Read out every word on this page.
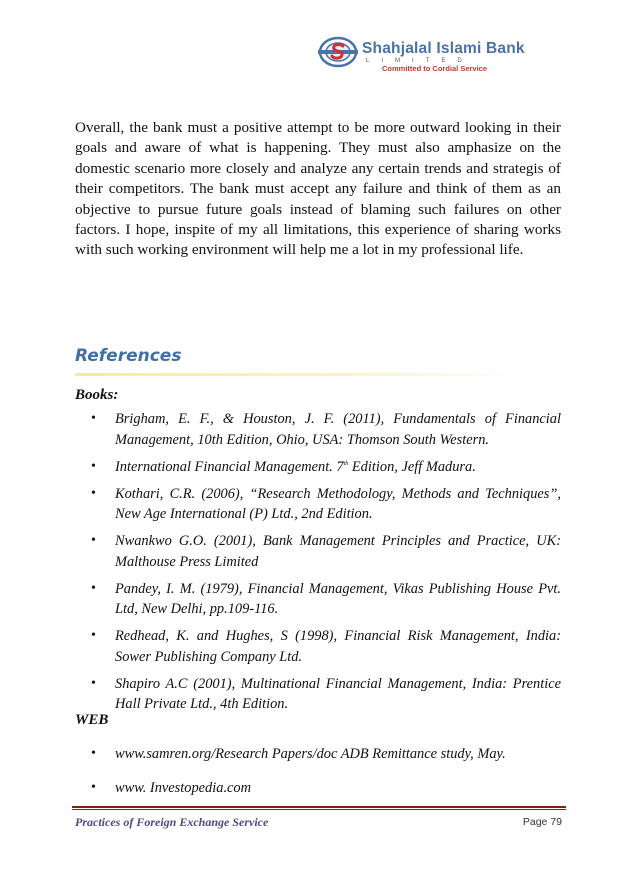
Shahjalal Islami Bank
LIMITED
Committed to Cordial Service

Overall, the bank must a positive attempt to be more outward looking in their goals and aware of what is happening. They must also amphasize on the domestic scenario more closely and analyze any certain trends and strategis of their competitors. The bank must accept any failure and think of them as an objective to pursue future goals instead of blaming such failures on other factors. I hope, inspite of my all limitations, this experience of sharing works with such working environment will help me a lot in my professional life.

References

Books:

• Brigham, E. F., & Houston, J. F. (2011), Fundamentals of Financial Management, 10th Edition, Ohio, USA: Thomson South Western.
• International Financial Management. 7th Edition, Jeff Madura.
• Kothari, C.R. (2006), “Research Methodology, Methods and Techniques”, New Age International (P) Ltd., 2nd Edition.
• Nwankwo G.O. (2001), Bank Management Principles and Practice, UK: Malthouse Press Limited
• Pandey, I. M. (1979), Financial Management, Vikas Publishing House Pvt. Ltd, New Delhi, pp.109-116.
• Redhead, K. and Hughes, S (1998), Financial Risk Management, India: Sower Publishing Company Ltd.
• Shapiro A.C (2001), Multinational Financial Management, India: Prentice Hall Private Ltd., 4th Edition.

WEB

• www.samren.org/Research Papers/doc ADB Remittance study, May.
• www. Investopedia.com
Practices of Foreign Exchange Service	Page 79
